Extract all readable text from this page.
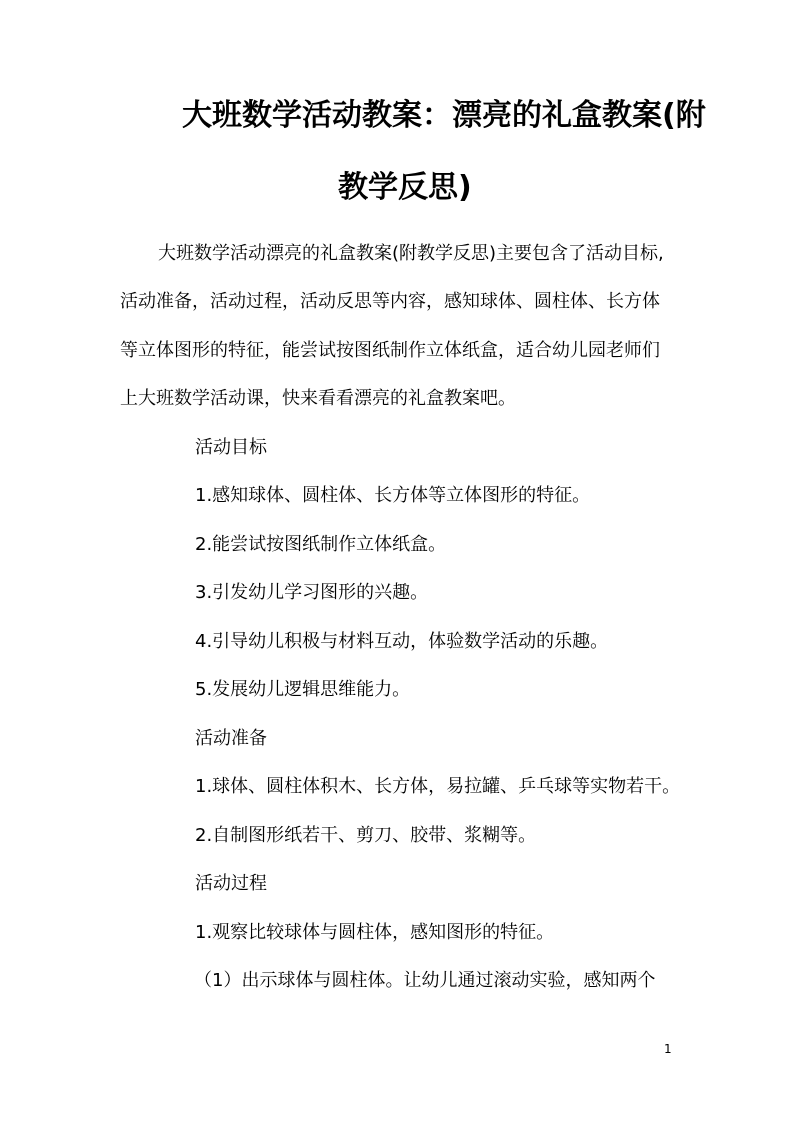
大班数学活动教案：漂亮的礼盒教案(附
教学反思)
大班数学活动漂亮的礼盒教案(附教学反思)主要包含了活动目标,
活动准备，活动过程，活动反思等内容，感知球体、圆柱体、长方体
等立体图形的特征，能尝试按图纸制作立体纸盒，适合幼儿园老师们
上大班数学活动课，快来看看漂亮的礼盒教案吧。
活动目标
1.感知球体、圆柱体、长方体等立体图形的特征。
2.能尝试按图纸制作立体纸盒。
3.引发幼儿学习图形的兴趣。
4.引导幼儿积极与材料互动，体验数学活动的乐趣。
5.发展幼儿逻辑思维能力。
活动准备
1.球体、圆柱体积木、长方体，易拉罐、乒乓球等实物若干。
2.自制图形纸若干、剪刀、胶带、浆糊等。
活动过程
1.观察比较球体与圆柱体，感知图形的特征。
（1）出示球体与圆柱体。让幼儿通过滚动实验，感知两个
1
